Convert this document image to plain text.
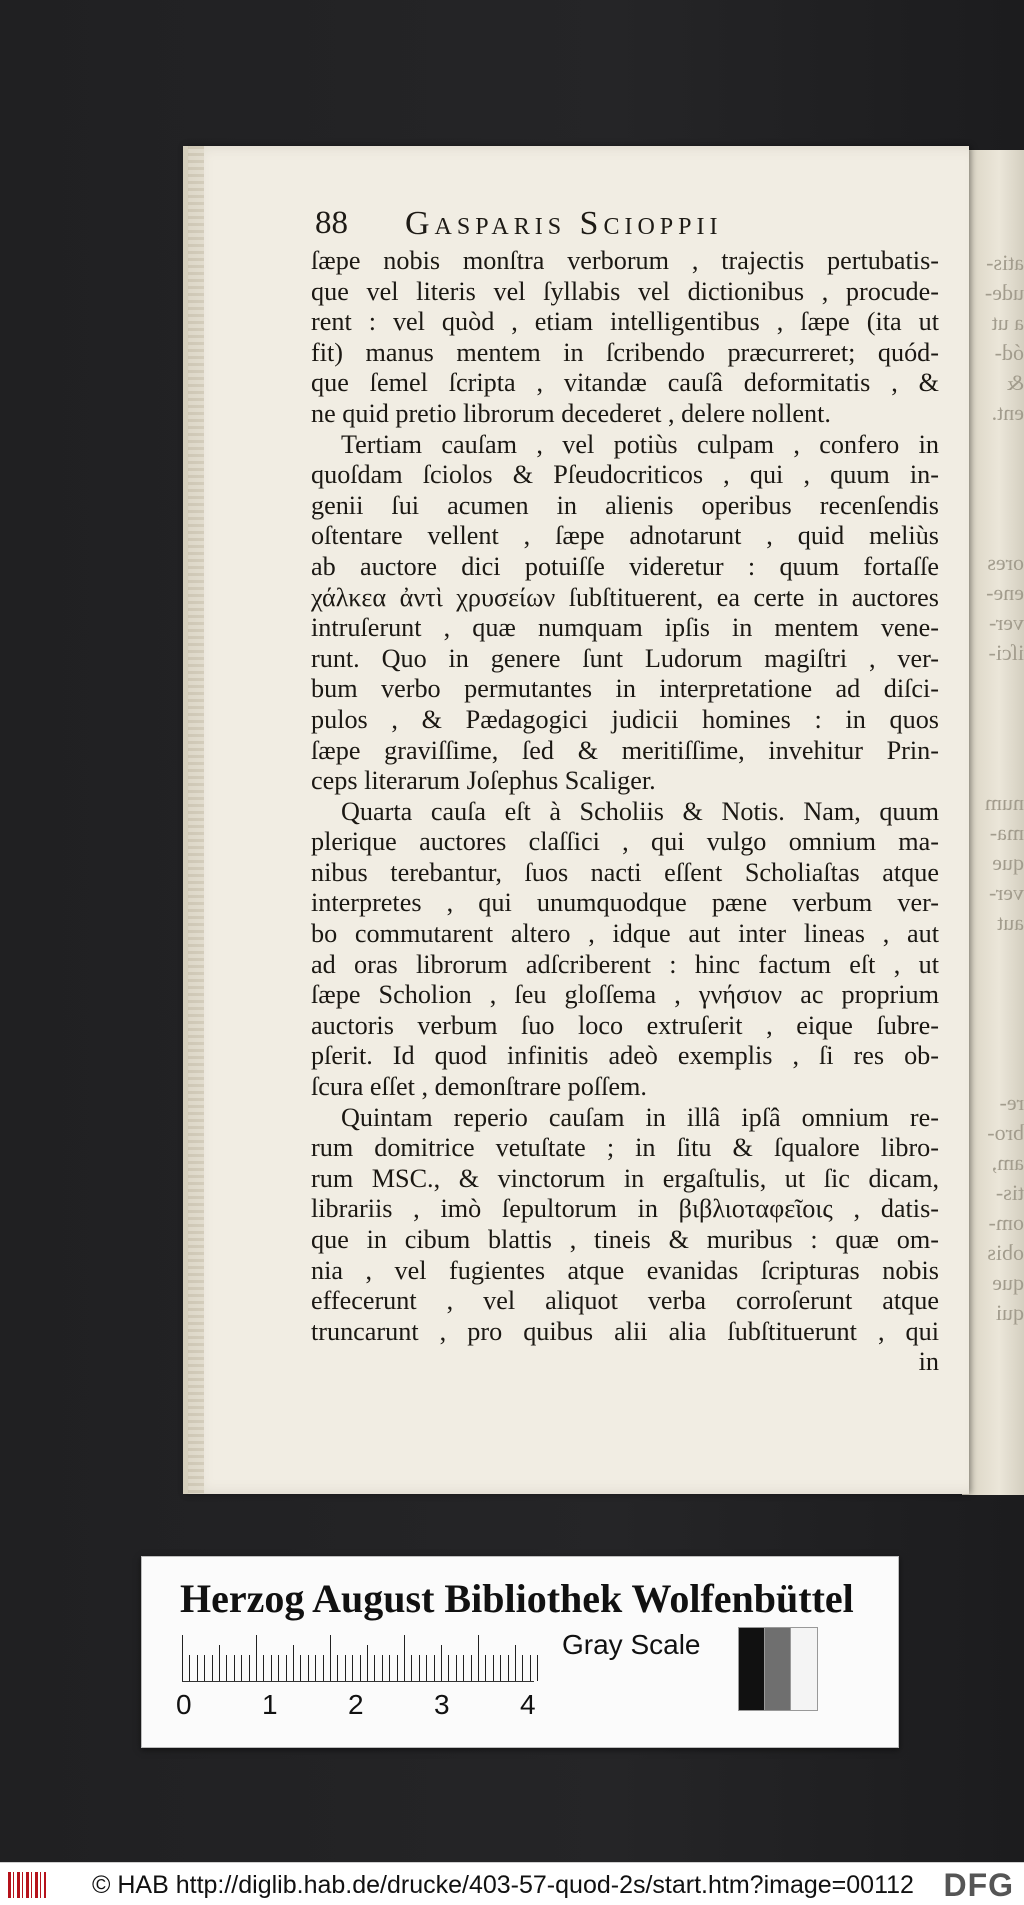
atis-
ude-
a ut
ód-
&
ent.
ores
ene-
ver-
iſci-
num
ma-
que
ver-
aut
re-
bro-
am,
tis-
om-
obis
que
qui
88 Gasparis Scioppii
ſæpe nobis monſtra verborum , trajectis pertubatis-
que vel literis vel ſyllabis vel dictionibus , procude-
rent : vel quòd , etiam intelligentibus , ſæpe (ita ut
fit) manus mentem in ſcribendo præcurreret; quód-
que ſemel ſcripta , vitandæ cauſâ deformitatis , &
ne quid pretio librorum decederet , delere nollent.
Tertiam cauſam , vel potiùs culpam , confero in
quoſdam ſciolos & Pſeudocriticos , qui , quum in-
genii ſui acumen in alienis operibus recenſendis
oſtentare vellent , ſæpe adnotarunt , quid meliùs
ab auctore dici potuiſſe videretur : quum fortaſſe
χάλκεα ἀντὶ χρυσείων ſubſtituerent, ea certe in auctores
intruſerunt , quæ numquam ipſis in mentem vene-
runt. Quo in genere ſunt Ludorum magiſtri , ver-
bum verbo permutantes in interpretatione ad diſci-
pulos , & Pædagogici judicii homines : in quos
ſæpe graviſſime, ſed & meritiſſime, invehitur Prin-
ceps literarum Joſephus Scaliger.
Quarta cauſa eſt à Scholiis & Notis. Nam, quum
plerique auctores claſſici , qui vulgo omnium ma-
nibus terebantur, ſuos nacti eſſent Scholiaſtas atque
interpretes , qui unumquodque pæne verbum ver-
bo commutarent altero , idque aut inter lineas , aut
ad oras librorum adſcriberent : hinc factum eſt , ut
ſæpe Scholion , ſeu gloſſema , γνήσιον ac proprium
auctoris verbum ſuo loco extruſerit , eique ſubre-
pſerit. Id quod infinitis adeò exemplis , ſi res ob-
ſcura eſſet , demonſtrare poſſem.
Quintam reperio cauſam in illâ ipſâ omnium re-
rum domitrice vetuſtate ; in ſitu & ſqualore libro-
rum MSC., & vinctorum in ergaſtulis, ut ſic dicam,
librariis , imò ſepultorum in βιβλιοταφεῖοις , datis-
que in cibum blattis , tineis & muribus : quæ om-
nia , vel fugientes atque evanidas ſcripturas nobis
effecerunt , vel aliquot verba corroſerunt atque
truncarunt , pro quibus alii alia ſubſtituerunt , qui
in
Herzog August Bibliothek Wolfenbüttel
Gray Scale
0	1	2	3	4
© HAB http://diglib.hab.de/drucke/403-57-quod-2s/start.htm?image=00112 DFG
